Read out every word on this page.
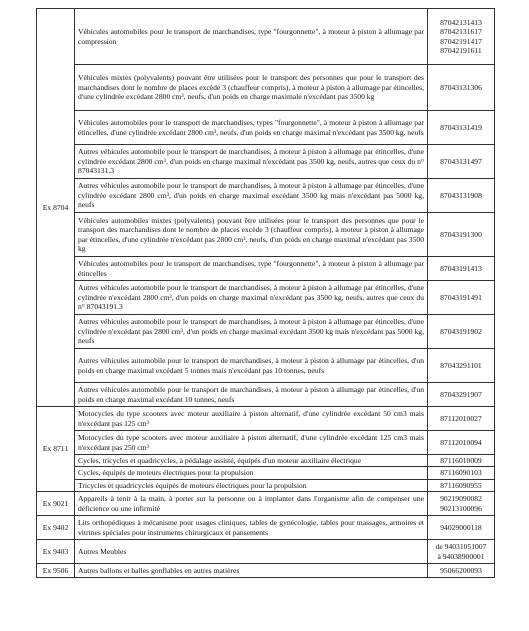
Ex 8704	Véhicules automobiles pour le transport de marchandises, type "fourgonnette", à moteur à piston à allumage par compression	87042131413
87042131617
87042191417
87042191611

	Véhicules mixtes (polyvalents) pouvant être utilisées pour le transport des personnes que pour le transport des marchandises dont le nombre de places excède 3 (chauffeur compris), à moteur à piston à allumage par étincelles, d'une cylindrée excédant 2800 cm³, neufs, d'un poids en charge maximale n'excédant pas 3500 kg	87043131306

	Véhicules automobiles pour le transport de marchandises, types "fourgonnette", à moteur à piston à allumage par étincelles, d'une cylindrée excédant 2800 cm³, neufs, d'un poids en charge maximal n'excédant pas 3500 kg, neufs	87043131419

	Autres véhicules automobile pour le transport de marchandises, à moteur à piston à allumage par étincelles, d'une cylindrée excédant 2800 cm³, d'un poids en charge maximal n'excédant pas 3500 kg, neufs, autres que ceux du n° 87043131.3	87043131497

	Autres véhicules automobile pour le transport de marchandises, à moteur à piston à allumage par étincelles, d'une cylindrée excédant 2800 cm³, d'un poids en charge maximal excédant 3500 kg mais n'excédant pas 5000 kg, neufs	87043131908

	Véhicules automobiles mixtes (polyvalents) pouvant être utilisées pour le transport des personnes que pour le transport des marchandises dont le nombre de places excède 3 (chauffeur compris), à moteur à piston à allumage par étincelles, d'une cylindrée n'excédant pas 2800 cm³, neufs, d'un poids en charge maximal n'excédant pas 3500 kg	87043191300

	Véhicules automobiles pour le transport de marchandises, type "fourgonnette", à moteur à piston à allumage par étincelles	87043191413

	Autres véhicules automobile pour le transport de marchandises, à moteur à piston à allumage par étincelles, d'une cylindrée n'excédant 2800 cm³, d'un poids en charge maximal n'excédant pas 3500 kg, neufs, autres que ceux du n° 87043191.3	87043191491

	Autres véhicules automobile pour le transport de marchandises, à moteur à piston à allumage par étincelles, d'une cylindrée n'excédant pas 2800 cm³, d'un poids en charge maximal excédant 3500 kg mais n'excédant pas 5000 kg, neufs	87043191902

	Autres véhicules automobile pour le transport de marchandises, à moteur à piston à allumage par étincelles, d'un poids en charge maximal excédant 5 tonnes mais n'excédant pas 10 tonnes, neufs	87043291101

	Autres véhicules automobile pour le transport de marchandises, à moteur à piston à allumage par étincelles, d'un poids en charge maximal excédant 10 tonnes, neufs	87043291907

Ex 8711	Motocycles du type scooters avec moteur auxiliaire à piston alternatif, d'une cylindrée excédant 50 cm3 mais n'excédant pas 125 cm³	87112010027

	Motocycles du type scooters avec moteur auxiliaire à piston alternatif, d'une cylindrée excédant 125 cm3 mais n'excédant pas 250 cm³	87112010094

	Cycles, tricycles et quadricycles, à pédalage assisté, équipés d'un moteur auxiliaire électrique	87116010009

	Cycles, équipés de moteurs électriques pour la propulsion	87116090103

	Tricycles et quadricycles équipés de moteurs électriques pour la propulsion	87116090955

Ex 9021	Appareils à tenir à la main, à porter sur la personne ou à implanter dans l'organisme afin de compenser une déficience ou une infirmité	90219090082
90213100096

Ex 9402	Lits orthopédiques à mécanisme pour usages cliniques, tables de gynécologie, tables pour massages, armoires et vitrines spéciales pour instruments chirurgicaux et pansements	94029000118

Ex 9403	Autres Meubles	de 94031051007
à 94038900001

Ex 9506	Autres ballons et balles gonflables en autres matières	95066200093
